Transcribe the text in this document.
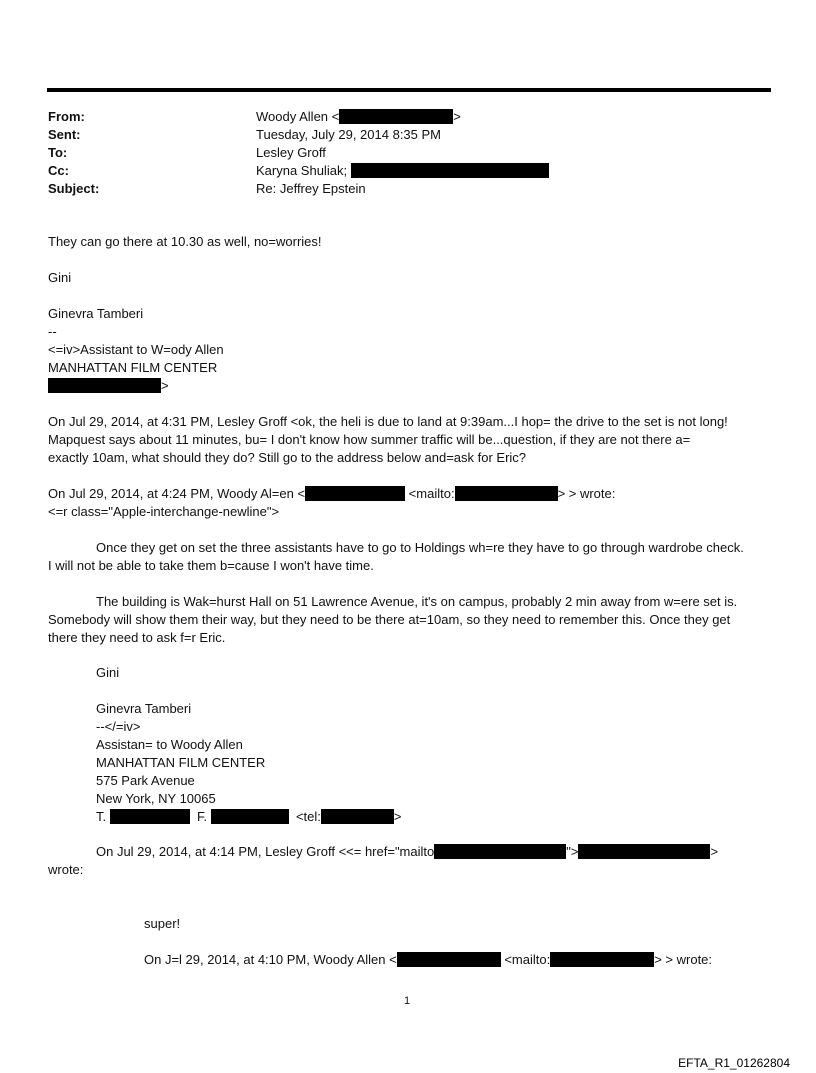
From:	Woody Allen <	>
Sent:	Tuesday, July 29, 2014 8:35 PM
To:	Lesley Groff
Cc:	Karyna Shuliak;
Subject:	Re: Jeffrey Epstein
They can go there at 10.30 as well, no=worries!
Gini
Ginevra Tamberi
--
<=iv>Assistant to W=ody Allen
MANHATTAN FILM CENTER
>
On Jul 29, 2014, at 4:31 PM, Lesley Groff <ok, the heli is due to land at 9:39am...I hop= the drive to the set is not long!
Mapquest says about 11 minutes, bu= I don't know how summer traffic will be...question, if they are not there a=
exactly 10am, what should they do? Still go to the address below and=ask for Eric?
On Jul 29, 2014, at 4:24 PM, Woody Al=en <	<mailto:	> > wrote:
<=r class="Apple-interchange-newline">
Once they get on set the three assistants have to go to Holdings wh=re they have to go through wardrobe check.
I will not be able to take them b=cause I won't have time.
The building is Wak=hurst Hall on 51 Lawrence Avenue, it's on campus, probably 2 min away from w=ere set is.
Somebody will show them their way, but they need to be there at=10am, so they need to remember this. Once they get
there they need to ask f=r Eric.
Gini
Ginevra Tamberi
--</=iv>
Assistan= to Woody Allen
MANHATTAN FILM CENTER
575 Park Avenue
New York, NY 10065
T.	F.	<tel:	>
On Jul 29, 2014, at 4:14 PM, Lesley Groff <<= href="mailto	">	>
wrote:
super!
On J=l 29, 2014, at 4:10 PM, Woody Allen <	<mailto:	> > wrote:
1
EFTA_R1_01262804
